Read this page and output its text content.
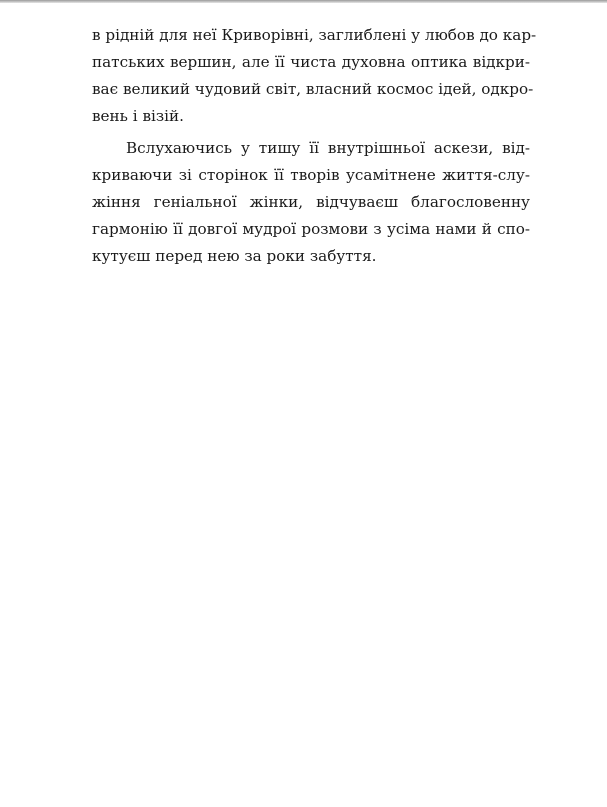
в рідній для неї Криворівні, заглиблені у любов до кар-
патських вершин, але її чиста духовна оптика відкри-
ває великий чудовий світ, власний космос ідей, одкро-
вень і візій.

Вслухаючись у тишу її внутрішньої аскези, від-
криваючи зі сторінок її творів усамітнене життя-слу-
жіння геніальної жінки, відчуваєш благословенну
гармонію її довгої мудрої розмови з усіма нами й спо-
кутуєш перед нею за роки забуття.
